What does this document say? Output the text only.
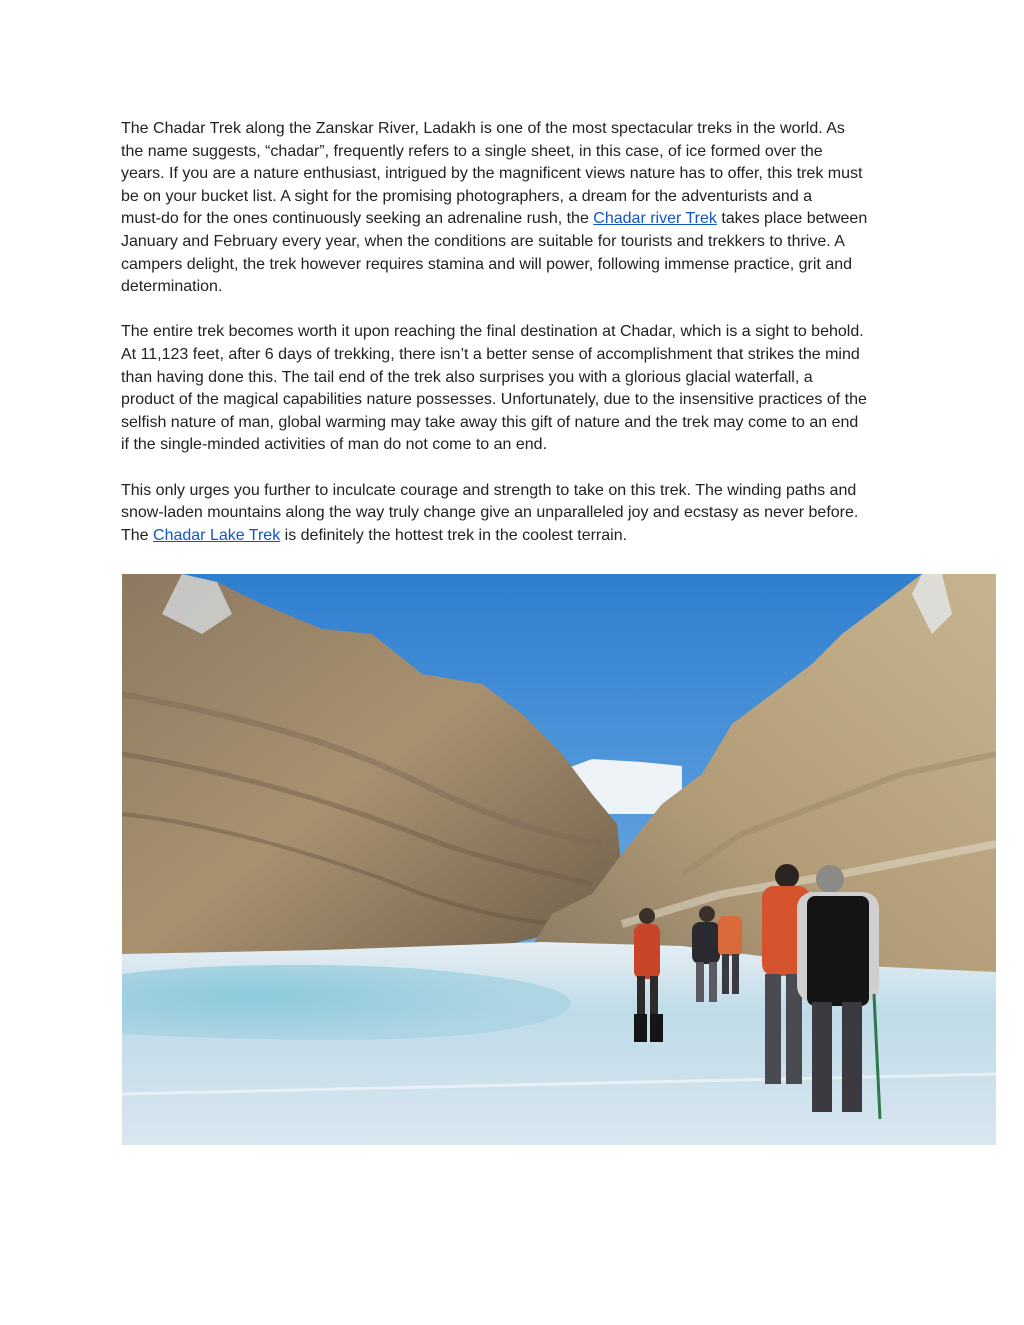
The Chadar Trek along the Zanskar River, Ladakh is one of the most spectacular treks in the world. As
the name suggests, “chadar”, frequently refers to a single sheet, in this case, of ice formed over the
years. If you are a nature enthusiast, intrigued by the magnificent views nature has to offer, this trek must
be on your bucket list. A sight for the promising photographers, a dream for the adventurists and a
must-do for the ones continuously seeking an adrenaline rush, the Chadar river Trek takes place between
January and February every year, when the conditions are suitable for tourists and trekkers to thrive. A
campers delight, the trek however requires stamina and will power, following immense practice, grit and
determination.

The entire trek becomes worth it upon reaching the final destination at Chadar, which is a sight to behold.
At 11,123 feet, after 6 days of trekking, there isn’t a better sense of accomplishment that strikes the mind
than having done this. The tail end of the trek also surprises you with a glorious glacial waterfall, a
product of the magical capabilities nature possesses. Unfortunately, due to the insensitive practices of the
selfish nature of man, global warming may take away this gift of nature and the trek may come to an end
if the single-minded activities of man do not come to an end.

This only urges you further to inculcate courage and strength to take on this trek. The winding paths and
snow-laden mountains along the way truly change give an unparalleled joy and ecstasy as never before.
The Chadar Lake Trek is definitely the hottest trek in the coolest terrain.
